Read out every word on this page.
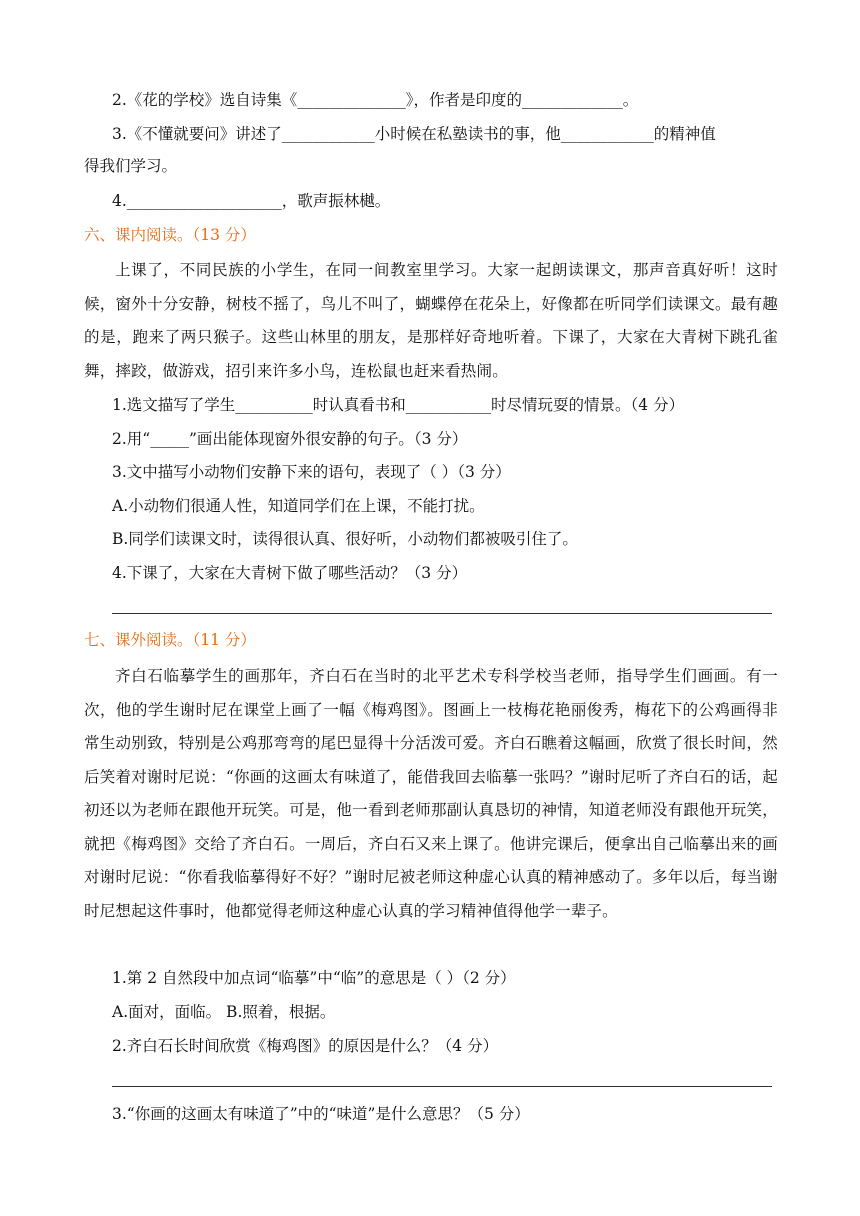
2.《花的学校》选自诗集《______________》，作者是印度的_____________。
3.《不懂就要问》讲述了____________小时候在私塾读书的事，他____________的精神值
得我们学习。
4.____________________，歌声振林樾。
六、课内阅读。（13 分）
上课了，不同民族的小学生，在同一间教室里学习。大家一起朗读课文，那声音真好听！这时候，窗外十分安静，树枝不摇了，鸟儿不叫了，蝴蝶停在花朵上，好像都在听同学们读课文。最有趣的是，跑来了两只猴子。这些山林里的朋友，是那样好奇地听着。下课了，大家在大青树下跳孔雀舞，摔跤，做游戏，招引来许多小鸟，连松鼠也赶来看热闹。
1.选文描写了学生__________时认真看书和___________时尽情玩耍的情景。（4 分）
2.用“_____”画出能体现窗外很安静的句子。（3 分）
3.文中描写小动物们安静下来的语句，表现了（ ）（3 分）
A.小动物们很通人性，知道同学们在上课，不能打扰。
B.同学们读课文时，读得很认真、很好听，小动物们都被吸引住了。
4.下课了，大家在大青树下做了哪些活动？（3 分）
七、课外阅读。（11 分）
齐白石临摹学生的画那年，齐白石在当时的北平艺术专科学校当老师，指导学生们画画。有一次，他的学生谢时尼在课堂上画了一幅《梅鸡图》。图画上一枝梅花艳丽俊秀，梅花下的公鸡画得非常生动别致，特别是公鸡那弯弯的尾巴显得十分活泼可爱。齐白石瞧着这幅画，欣赏了很长时间，然后笑着对谢时尼说：“你画的这画太有味道了，能借我回去临摹一张吗？”谢时尼听了齐白石的话，起初还以为老师在跟他开玩笑。可是，他一看到老师那副认真恳切的神情，知道老师没有跟他开玩笑，就把《梅鸡图》交给了齐白石。一周后，齐白石又来上课了。他讲完课后，便拿出自己临摹出来的画对谢时尼说：“你看我临摹得好不好？”谢时尼被老师这种虚心认真的精神感动了。多年以后，每当谢时尼想起这件事时，他都觉得老师这种虚心认真的学习精神值得他学一辈子。
1.第 2 自然段中加点词“临摹”中“临”的意思是（ ）（2 分）
A.面对，面临。 B.照着，根据。
2.齐白石长时间欣赏《梅鸡图》的原因是什么？（4 分）
3.“你画的这画太有味道了”中的“味道”是什么意思？（5 分）
